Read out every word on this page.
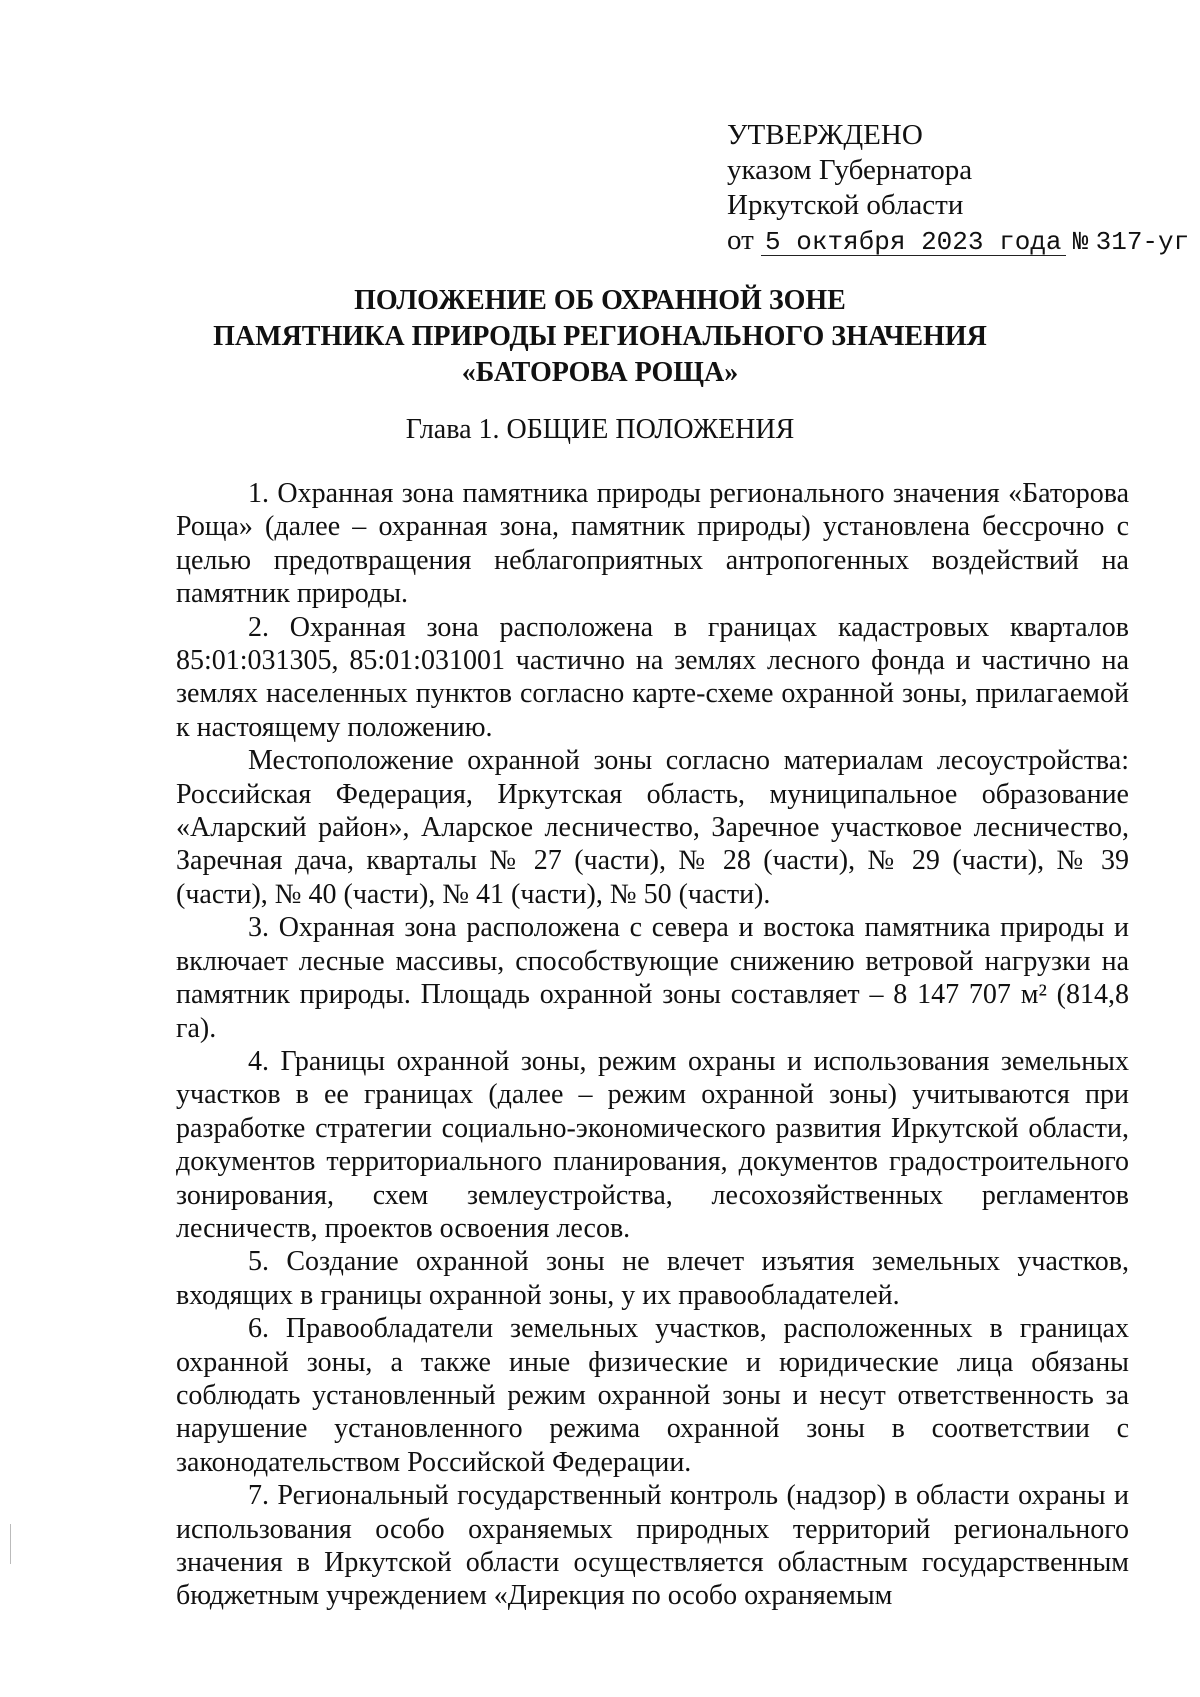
УТВЕРЖДЕНО
указом Губернатора
Иркутской области
от 5 октября 2023 года № 317-уг
ПОЛОЖЕНИЕ ОБ ОХРАННОЙ ЗОНЕ
ПАМЯТНИКА ПРИРОДЫ РЕГИОНАЛЬНОГО ЗНАЧЕНИЯ
«БАТОРОВА РОЩА»
Глава 1. ОБЩИЕ ПОЛОЖЕНИЯ

1. Охранная зона памятника природы регионального значения «Баторова Роща» (далее – охранная зона, памятник природы) установлена бессрочно с целью предотвращения неблагоприятных антропогенных воздействий на памятник природы.

2. Охранная зона расположена в границах кадастровых кварталов 85:01:031305, 85:01:031001 частично на землях лесного фонда и частично на землях населенных пунктов согласно карте-схеме охранной зоны, прилагаемой к настоящему положению.

Местоположение охранной зоны согласно материалам лесоустройства: Российская Федерация, Иркутская область, муниципальное образование «Аларский район», Аларское лесничество, Заречное участковое лесничество, Заречная дача, кварталы № 27 (части), № 28 (части), № 29 (части), № 39 (части), № 40 (части), № 41 (части), № 50 (части).

3. Охранная зона расположена с севера и востока памятника природы и включает лесные массивы, способствующие снижению ветровой нагрузки на памятник природы. Площадь охранной зоны составляет – 8 147 707 м² (814,8 га).

4. Границы охранной зоны, режим охраны и использования земельных участков в ее границах (далее – режим охранной зоны) учитываются при разработке стратегии социально-экономического развития Иркутской области, документов территориального планирования, документов градостроительного зонирования, схем землеустройства, лесохозяйственных регламентов лесничеств, проектов освоения лесов.

5. Создание охранной зоны не влечет изъятия земельных участков, входящих в границы охранной зоны, у их правообладателей.

6. Правообладатели земельных участков, расположенных в границах охранной зоны, а также иные физические и юридические лица обязаны соблюдать установленный режим охранной зоны и несут ответственность за нарушение установленного режима охранной зоны в соответствии с законодательством Российской Федерации.

7. Региональный государственный контроль (надзор) в области охраны и использования особо охраняемых природных территорий регионального значения в Иркутской области осуществляется областным государственным бюджетным учреждением «Дирекция по особо охраняемым
